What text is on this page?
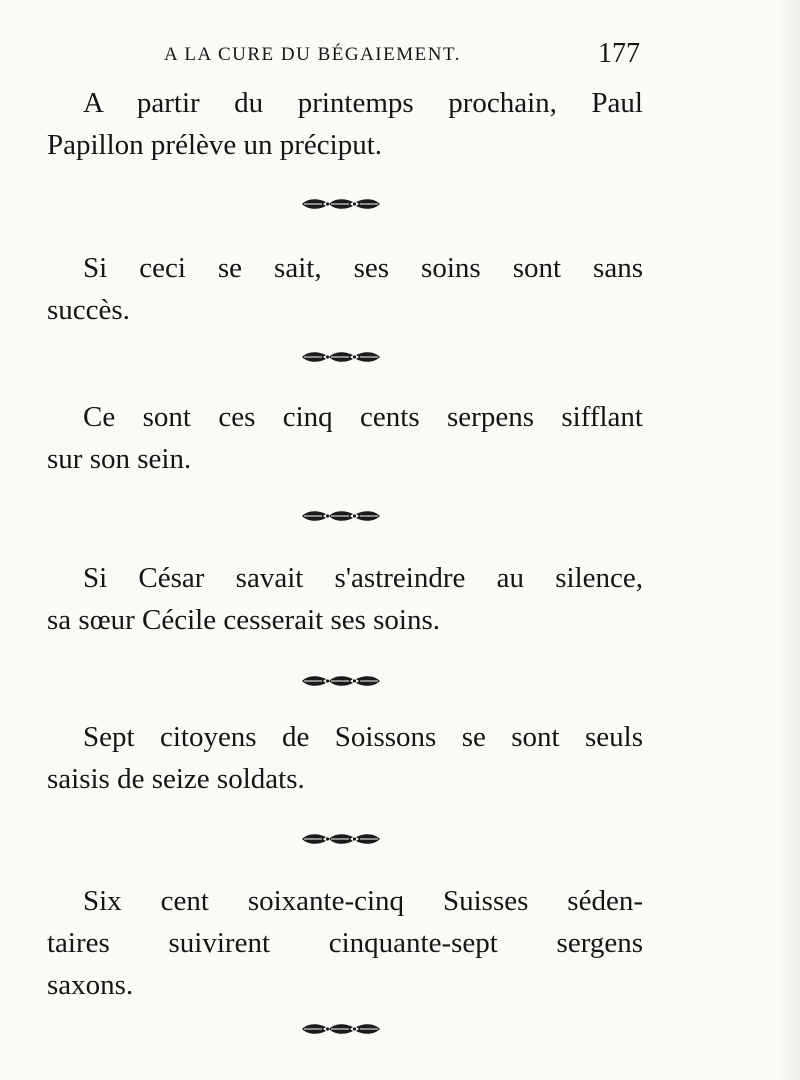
A LA CURE DU BÉGAIEMENT.	177

A partir du printemps prochain, Paul
Papillon prélève un préciput.

Si ceci se sait, ses soins sont sans
succès.

Ce sont ces cinq cents serpens sifflant
sur son sein.

Si César savait s'astreindre au silence,
sa sœur Cécile cesserait ses soins.

Sept citoyens de Soissons se sont seuls
saisis de seize soldats.

Six cent soixante-cinq Suisses séden-
taires suivirent cinquante-sept sergens
saxons.
